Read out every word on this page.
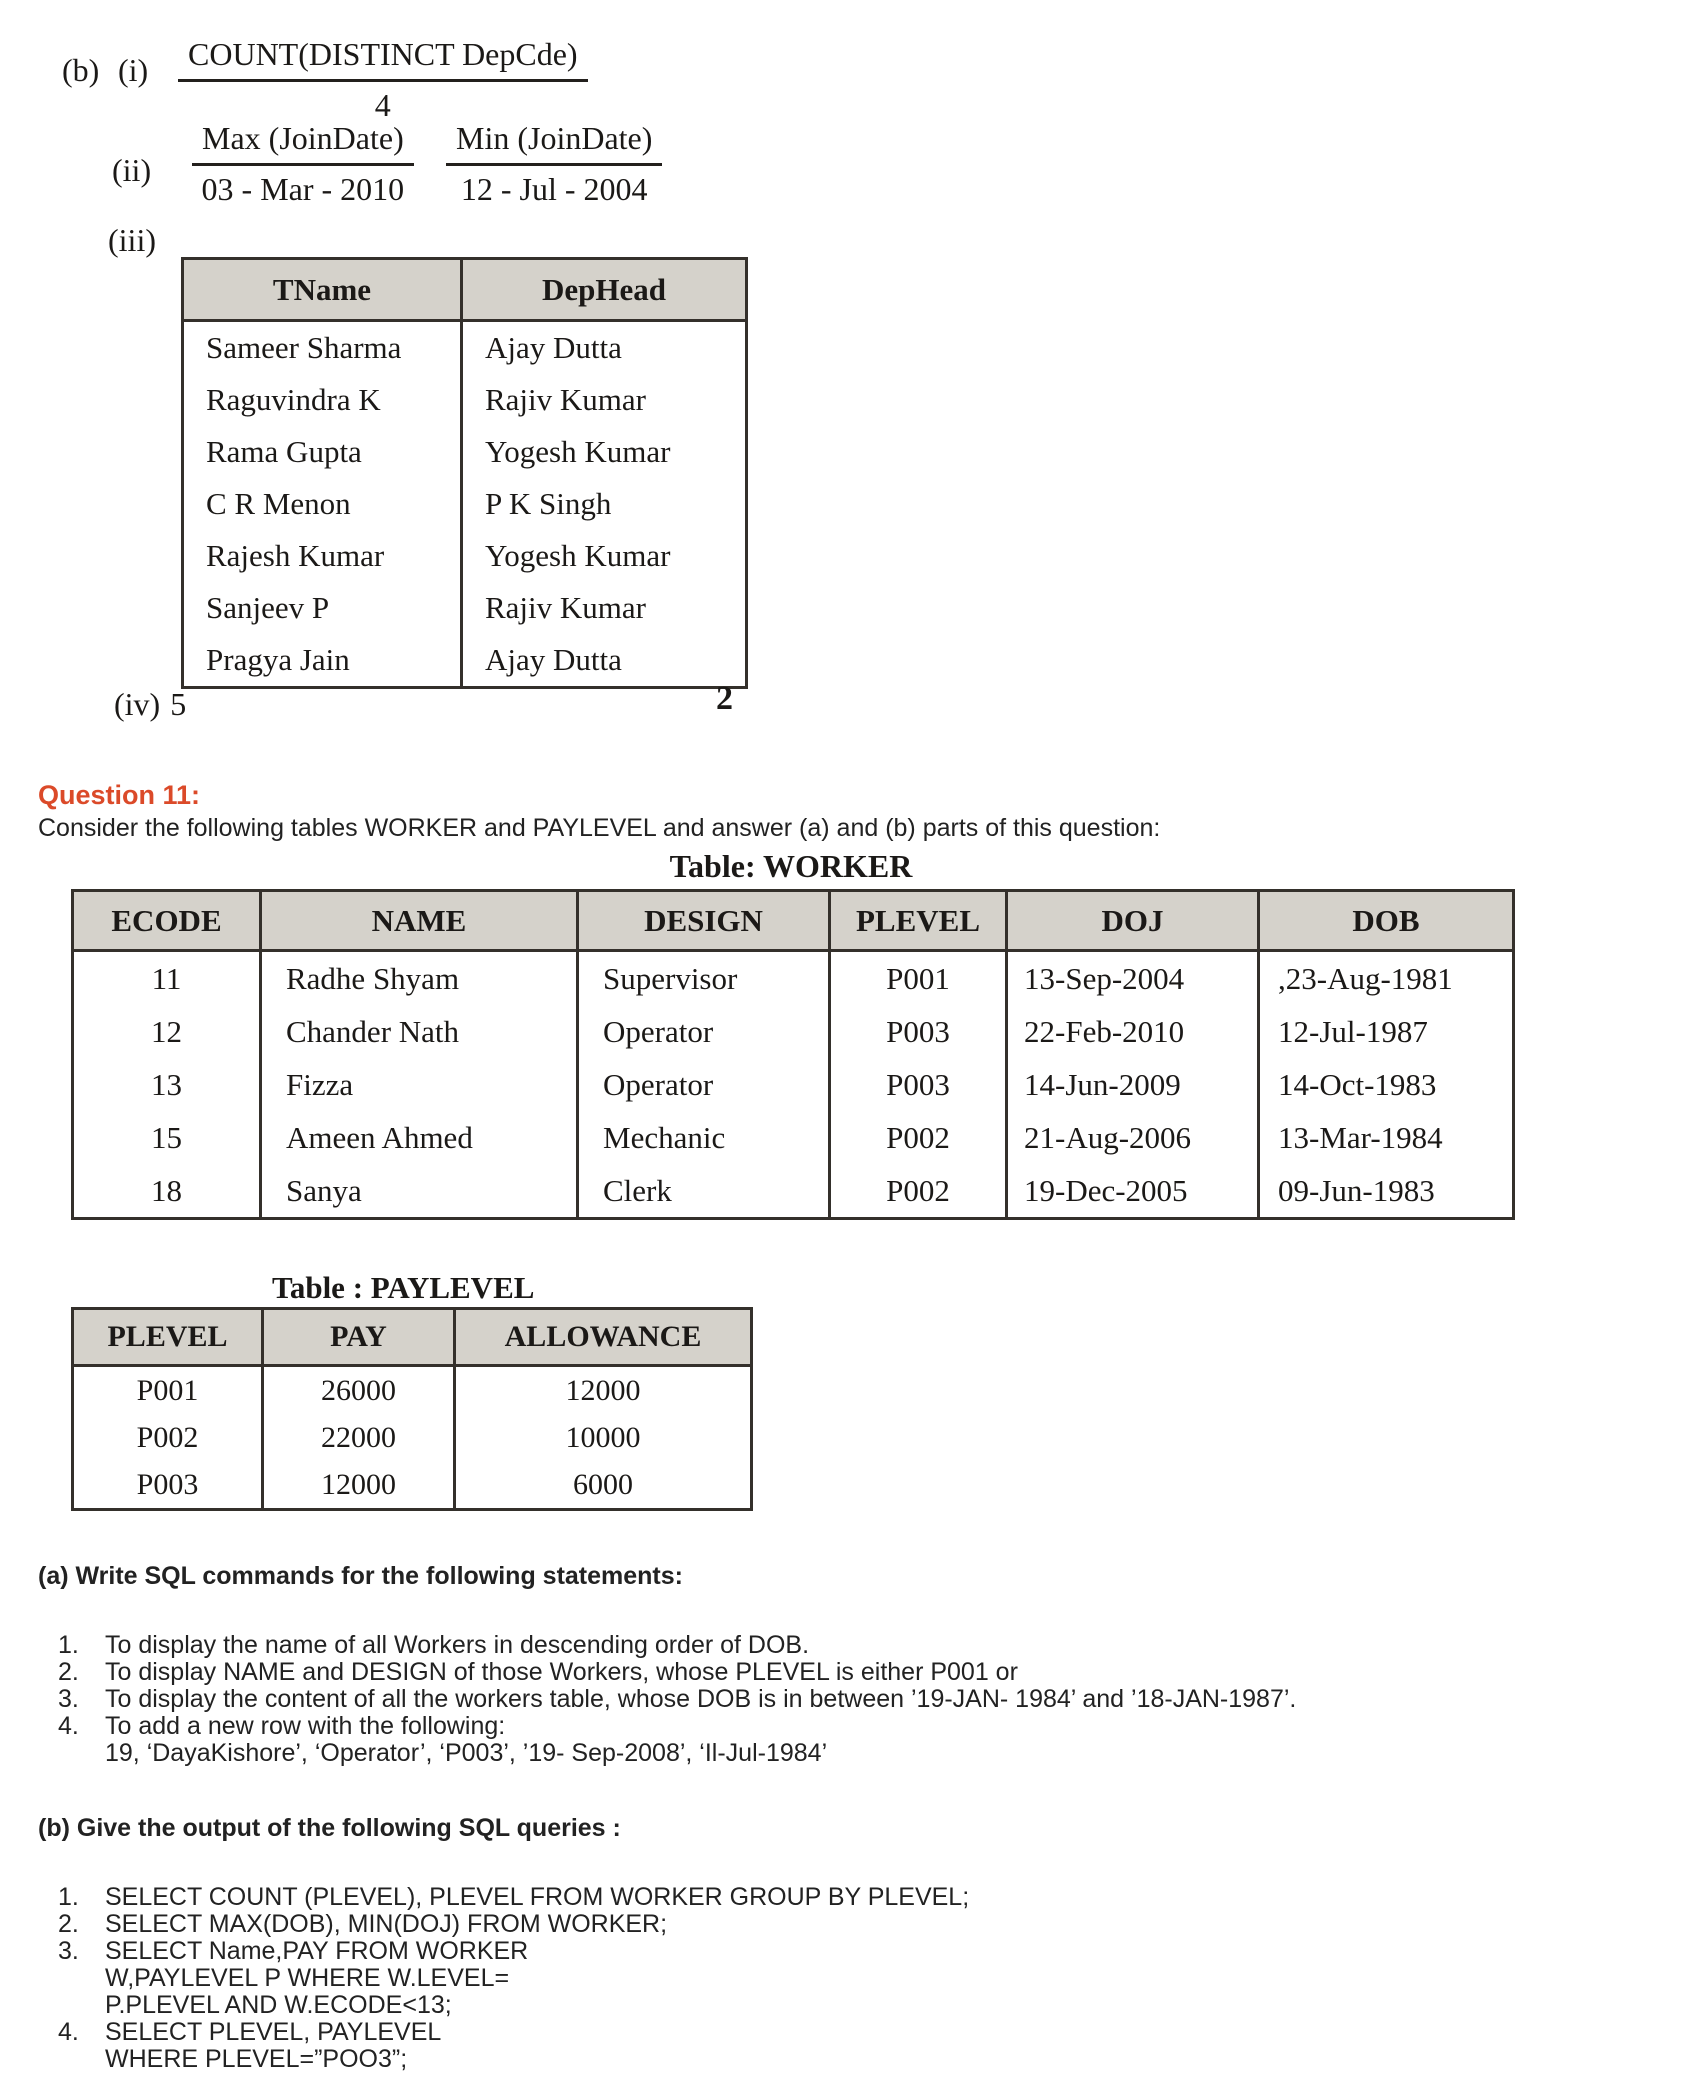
(b) (i)	COUNT(DISTINCT DepCde)
4
(ii)
Max (JoinDate)
03 - Mar - 2010
Min (JoinDate)
12 - Jul - 2004
(iii)
TName	DepHead
Sameer Sharma	Ajay Dutta
Raguvindra K	Rajiv Kumar
Rama Gupta	Yogesh Kumar
C R Menon	P K Singh
Rajesh Kumar	Yogesh Kumar
Sanjeev P	Rajiv Kumar
Pragya Jain	Ajay Dutta
(iv) 5	2
Question 11:
Consider the following tables WORKER and PAYLEVEL and answer (a) and (b) parts of this question:
Table: WORKER
ECODE	NAME	DESIGN	PLEVEL	DOJ	DOB
11	Radhe Shyam	Supervisor	P001	13-Sep-2004	,23-Aug-1981
12	Chander Nath	Operator	P003	22-Feb-2010	12-Jul-1987
13	Fizza	Operator	P003	14-Jun-2009	14-Oct-1983
15	Ameen Ahmed	Mechanic	P002	21-Aug-2006	13-Mar-1984
18	Sanya	Clerk	P002	19-Dec-2005	09-Jun-1983
Table : PAYLEVEL
PLEVEL	PAY	ALLOWANCE
P001	26000	12000
P002	22000	10000
P003	12000	6000
(a) Write SQL commands for the following statements:
1. To display the name of all Workers in descending order of DOB.
2. To display NAME and DESIGN of those Workers, whose PLEVEL is either P001 or
3. To display the content of all the workers table, whose DOB is in between ’19-JAN- 1984’ and ’18-JAN-1987’.
4. To add a new row with the following:
19, ‘DayaKishore’, ‘Operator’, ‘P003’, ’19- Sep-2008’, ‘Il-Jul-1984’
(b) Give the output of the following SQL queries :
1. SELECT COUNT (PLEVEL), PLEVEL FROM WORKER GROUP BY PLEVEL;
2. SELECT MAX(DOB), MIN(DOJ) FROM WORKER;
3. SELECT Name,PAY FROM WORKER
W,PAYLEVEL P WHERE W.LEVEL=
P.PLEVEL AND W.ECODE<13;
4. SELECT PLEVEL, PAYLEVEL
WHERE PLEVEL=”POO3”;
